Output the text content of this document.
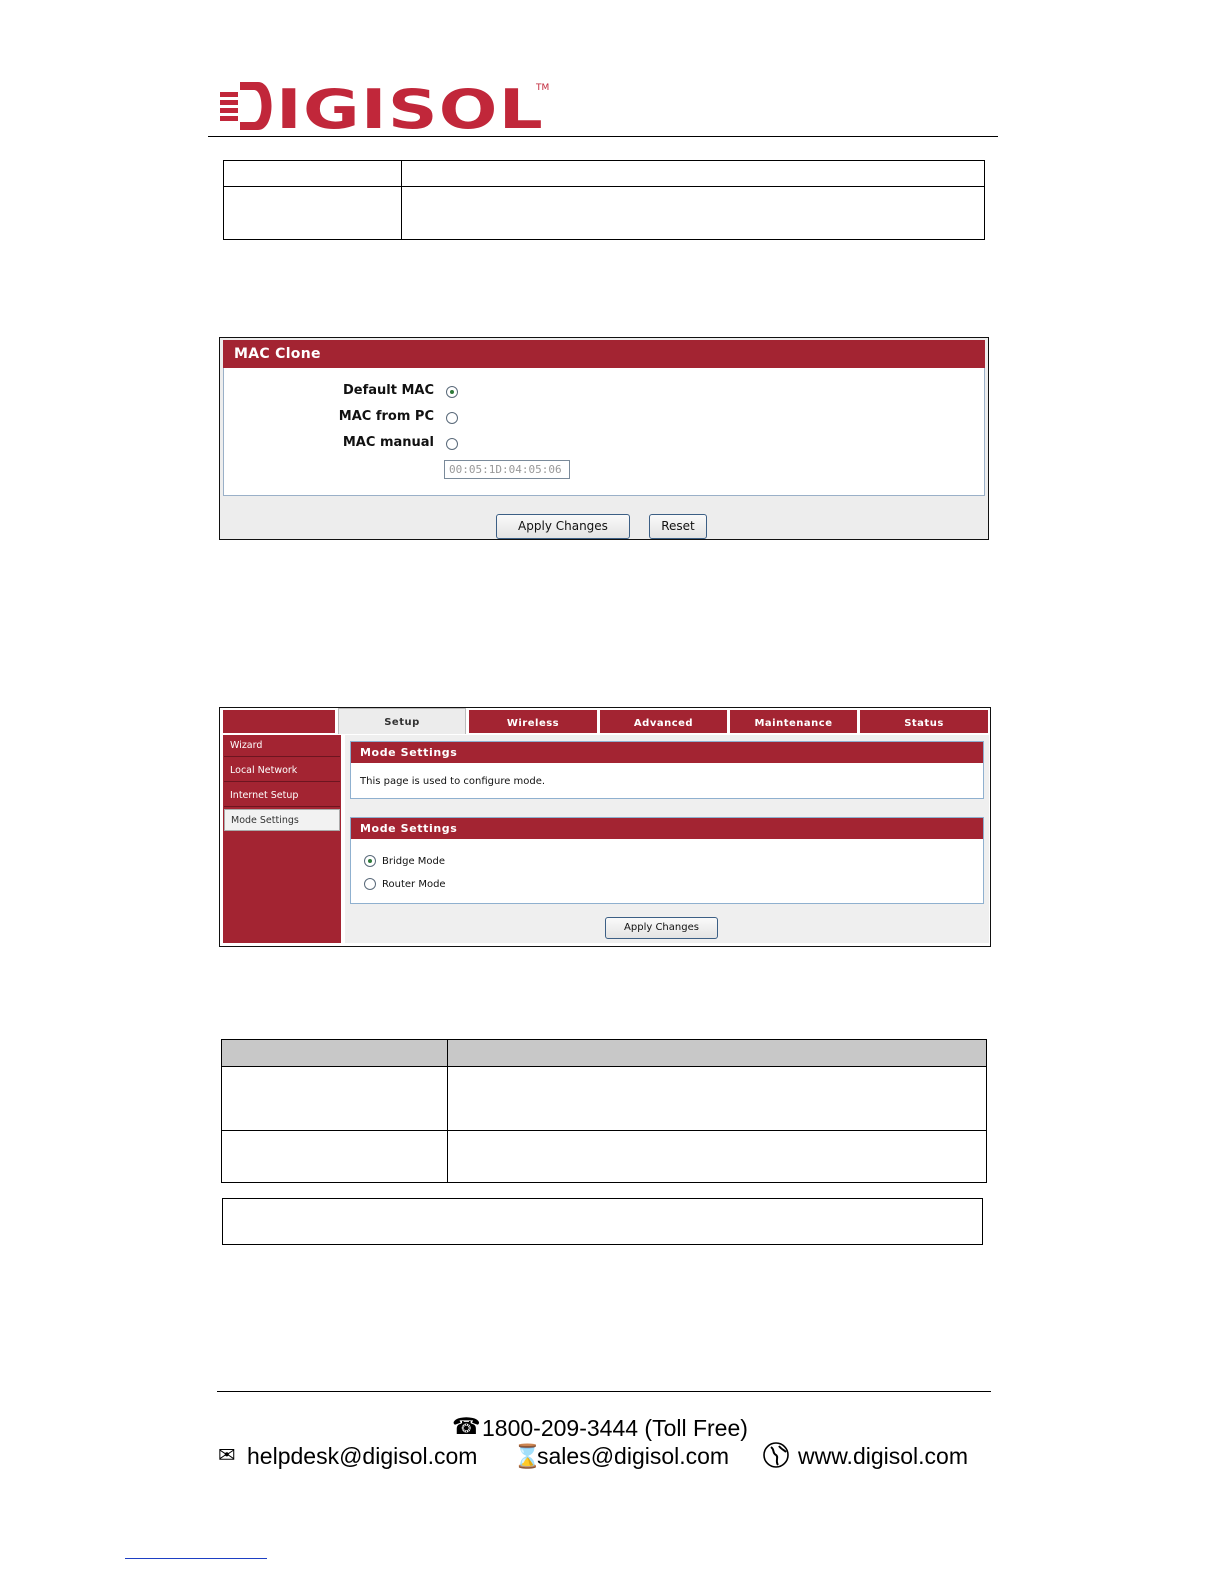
IGISOL
TM

MAC Clone
Default MAC
MAC from PC
MAC manual
00:05:1D:04:05:06
Apply Changes	Reset
Setup	Wireless	Advanced	Maintenance	Status
Wizard
Local Network
Internet Setup
Mode Settings
Mode Settings
This page is used to configure mode.
Mode Settings
Bridge Mode
Router Mode
Apply Changes

☎ 1800-209-3444 (Toll Free)
✉ helpdesk@digisol.com ⌛
sales@digisol.com	www.digisol.com
